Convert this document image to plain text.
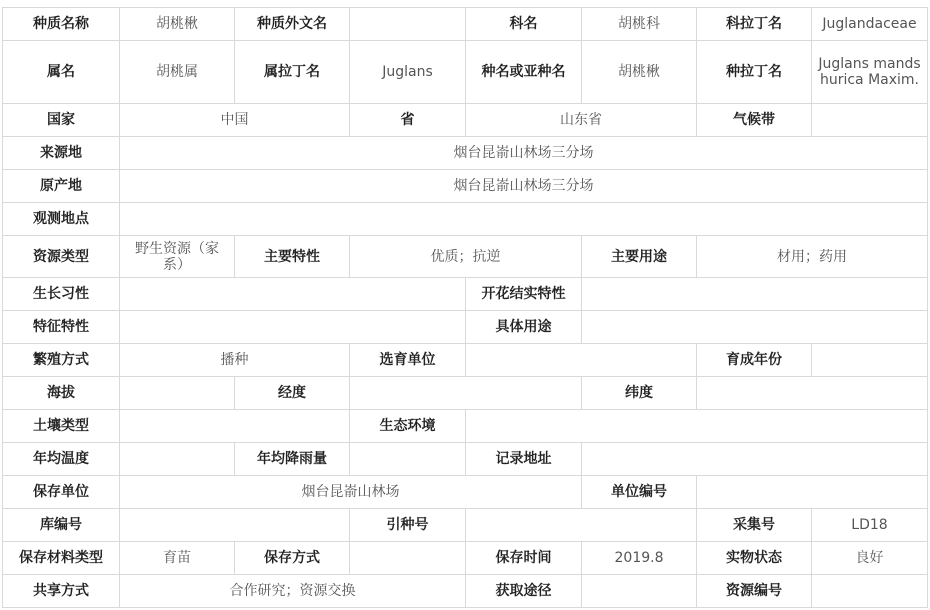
种质名称	胡桃楸	种质外文名		科名	胡桃科	科拉丁名	Juglandaceae
属名	胡桃属	属拉丁名	Juglans	种名或亚种名	胡桃楸	种拉丁名	Juglans mandshurica Maxim.
国家	中国		省	山东省		气候带	
来源地	烟台昆嵛山林场三分场						
原产地	烟台昆嵛山林场三分场						
观测地点							
资源类型	野生资源（家系）	主要特性	优质；抗逆		主要用途	材用；药用	
生长习性				开花结实特性			
特征特性				具体用途			
繁殖方式	播种		选育单位			育成年份	
海拔		经度			纬度		
土壤类型			生态环境				
年均温度		年均降雨量		记录地址			
保存单位	烟台昆嵛山林场				单位编号		
库编号			引种号			采集号	LD18
保存材料类型	育苗	保存方式		保存时间	2019.8	实物状态	良好
共享方式	合作研究；资源交换			获取途径		资源编号	
